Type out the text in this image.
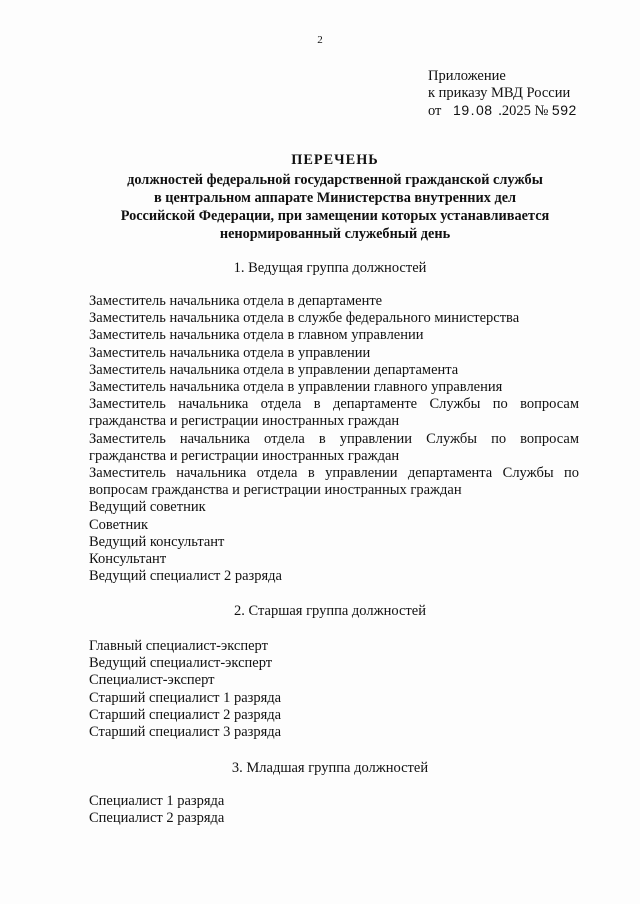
2
Приложение
к приказу МВД России
от 19.08 .2025 № 592
ПЕРЕЧЕНЬ
должностей федеральной государственной гражданской службы
в центральном аппарате Министерства внутренних дел
Российской Федерации, при замещении которых устанавливается
ненормированный служебный день
1. Ведущая группа должностей
Заместитель начальника отдела в департаменте
Заместитель начальника отдела в службе федерального министерства
Заместитель начальника отдела в главном управлении
Заместитель начальника отдела в управлении
Заместитель начальника отдела в управлении департамента
Заместитель начальника отдела в управлении главного управления
Заместитель начальника отдела в департаменте Службы по вопросам гражданства и регистрации иностранных граждан
Заместитель начальника отдела в управлении Службы по вопросам гражданства и регистрации иностранных граждан
Заместитель начальника отдела в управлении департамента Службы по вопросам гражданства и регистрации иностранных граждан
Ведущий советник
Советник
Ведущий консультант
Консультант
Ведущий специалист 2 разряда
2. Старшая группа должностей
Главный специалист-эксперт
Ведущий специалист-эксперт
Специалист-эксперт
Старший специалист 1 разряда
Старший специалист 2 разряда
Старший специалист 3 разряда
3. Младшая группа должностей
Специалист 1 разряда
Специалист 2 разряда
